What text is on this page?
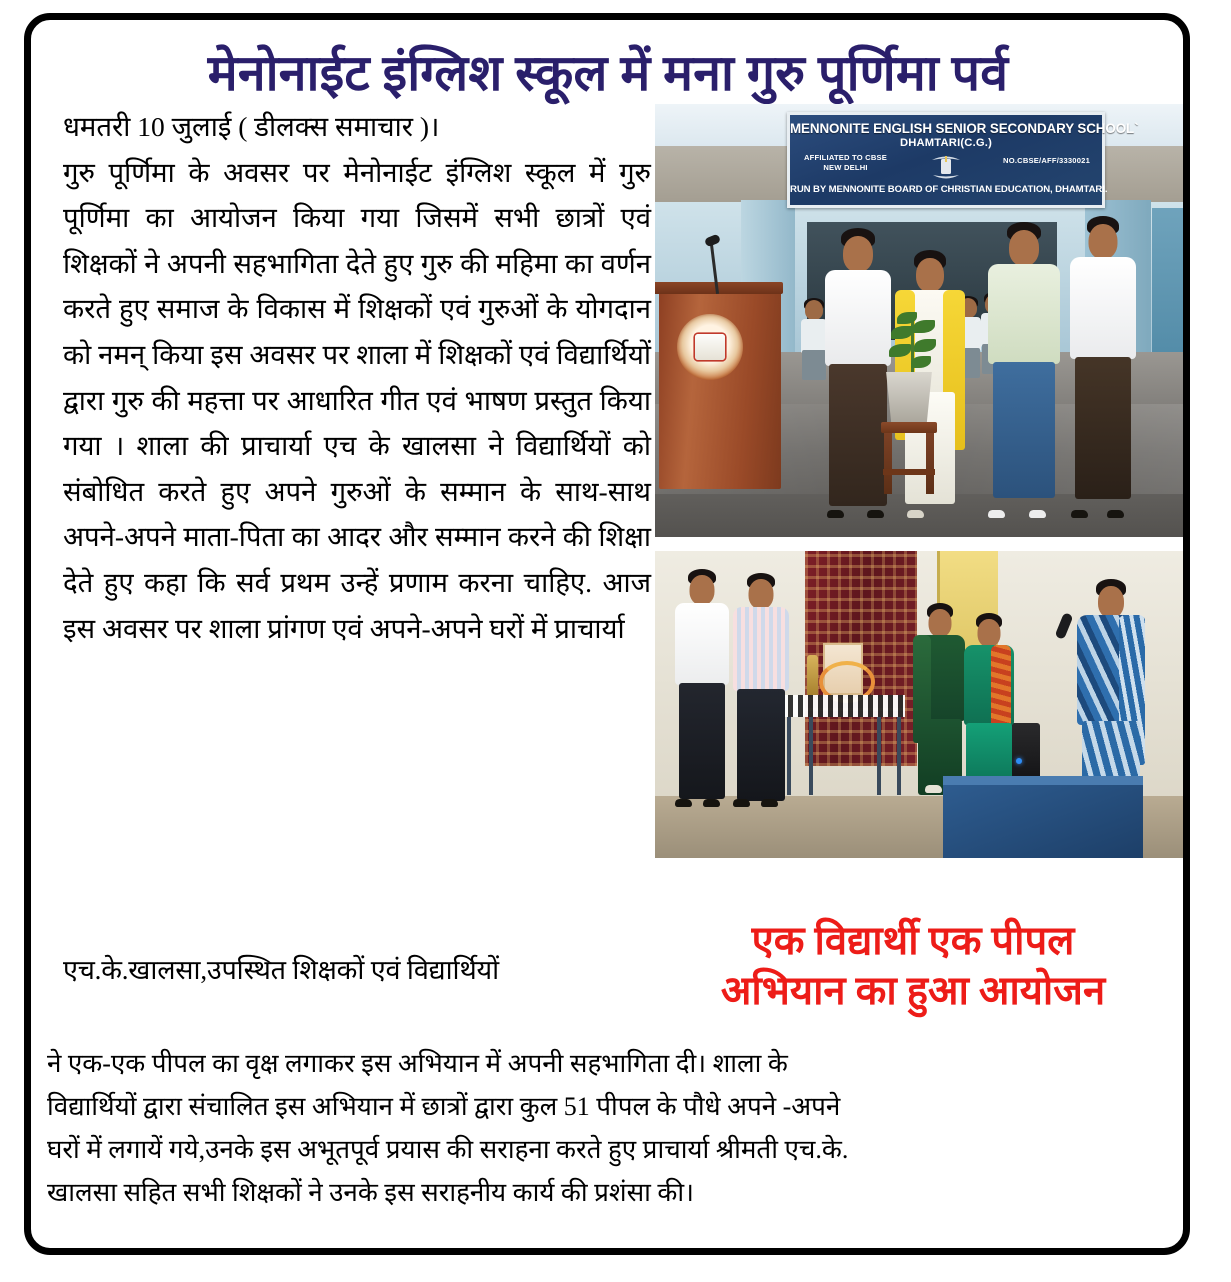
मेनोनाईट इंग्लिश स्कूल में मना गुरु पूर्णिमा पर्व

धमतरी 10 जुलाई ( डीलक्स समाचार )।

गुरु पूर्णिमा के अवसर पर मेनोनाईट इंग्लिश स्कूल में गुरु पूर्णिमा का आयोजन किया गया जिसमें सभी छात्रों एवं शिक्षकों ने अपनी सहभागिता देते हुए गुरु की महिमा का वर्णन करते हुए समाज के विकास में शिक्षकों एवं गुरुओं के योगदान को नमन् किया इस अवसर पर शाला में शिक्षकों एवं विद्यार्थियों द्वारा गुरु की महत्ता पर आधारित गीत एवं भाषण प्रस्तुत किया गया । शाला की प्राचार्या एच के खालसा ने विद्यार्थियों को संबोधित करते हुए अपने गुरुओं के सम्मान के साथ-साथ अपने-अपने माता-पिता का आदर और सम्मान करने की शिक्षा देते हुए कहा कि सर्व प्रथम उन्हें प्रणाम करना चाहिए. आज इस अवसर पर शाला प्रांगण एवं अपने-अपने घरों में प्राचार्या

एच.के.खालसा,उपस्थित शिक्षकों एवं विद्यार्थियों
MENNONITE ENGLISH SENIOR SECONDARY SCHOOL`
DHAMTARI(C.G.)
AFFILIATED TO CBSE
NEW DELHI
NO.CBSE/AFF/3330021
RUN BY MENNONITE BOARD OF CHRISTIAN EDUCATION, DHAMTARI.
एक विद्यार्थी एक पीपल
अभियान का हुआ आयोजन
ने एक-एक पीपल का वृक्ष लगाकर इस अभियान में अपनी सहभागिता दी। शाला के
विद्यार्थियों द्वारा संचालित इस अभियान में छात्रों द्वारा कुल 51 पीपल के पौधे अपने -अपने
घरों में लगायें गये,उनके इस अभूतपूर्व प्रयास की सराहना करते हुए प्राचार्या श्रीमती एच.के.
खालसा सहित सभी शिक्षकों ने उनके इस सराहनीय कार्य की प्रशंसा की।
